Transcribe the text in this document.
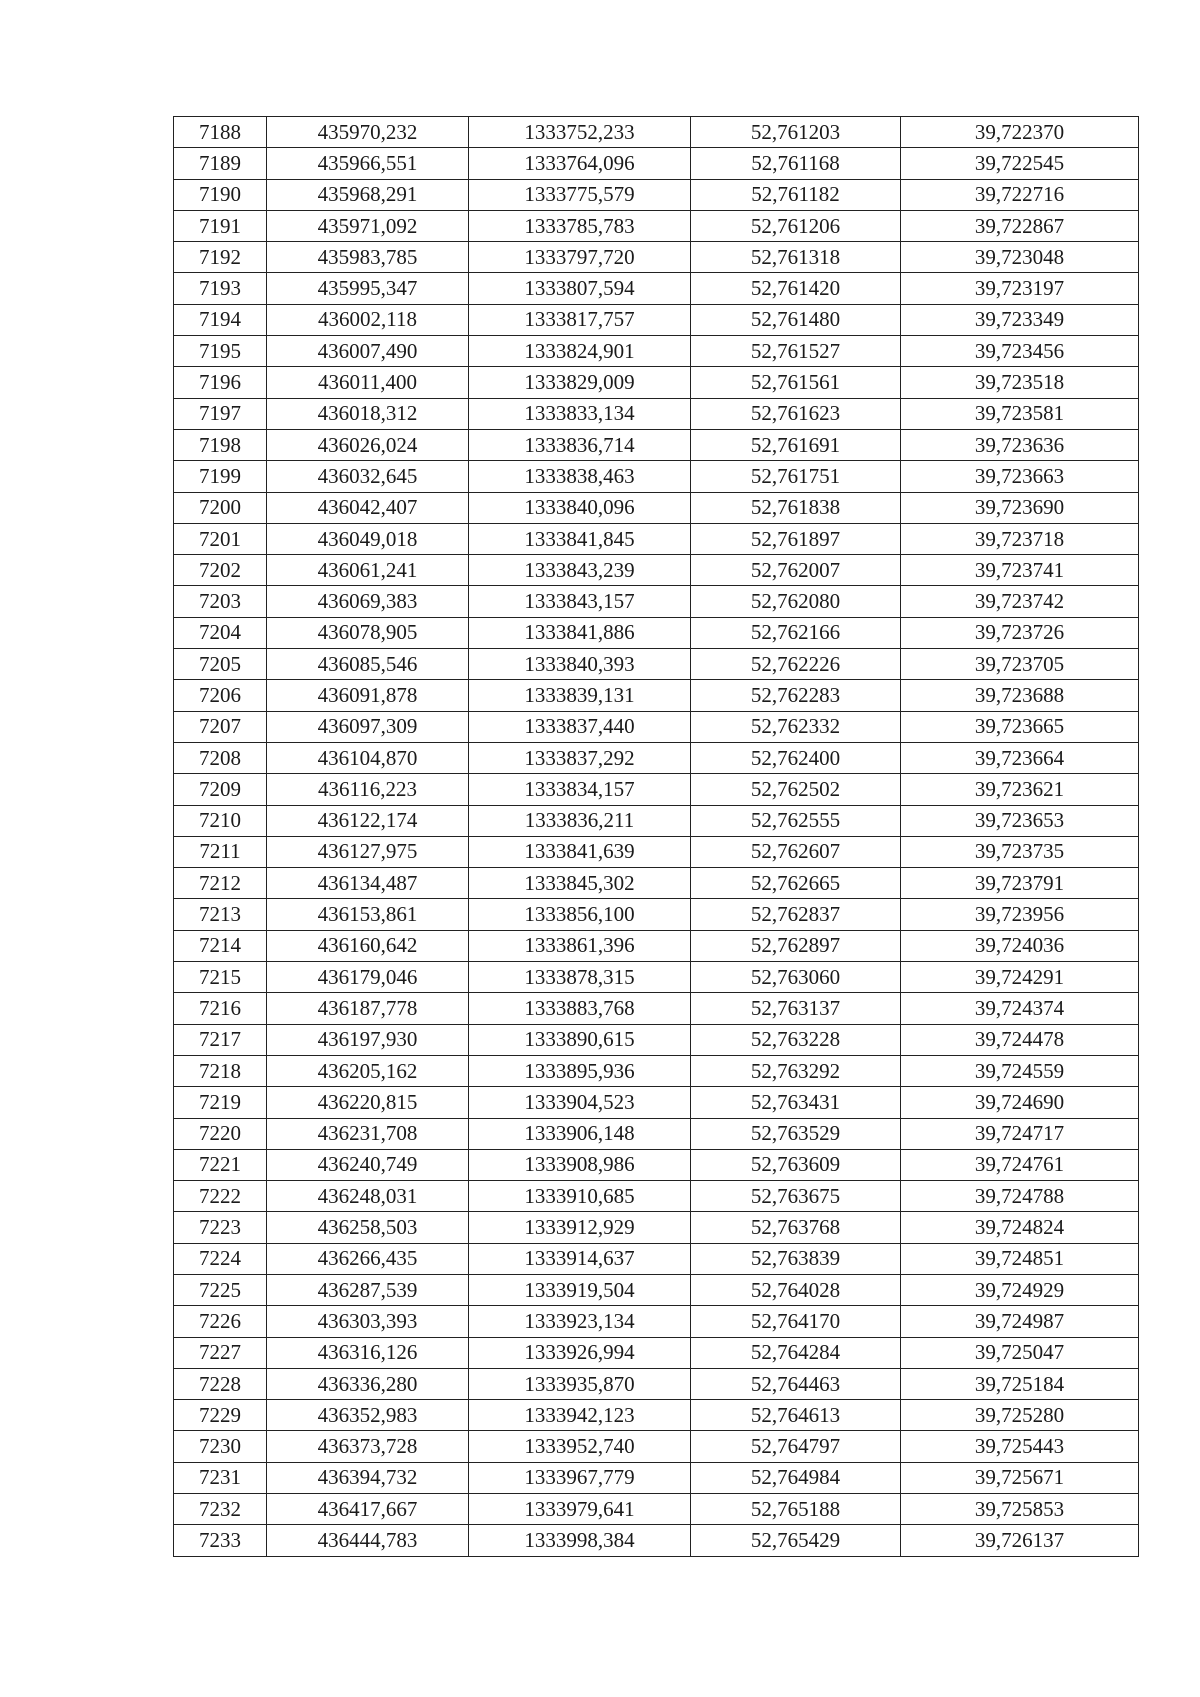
7188	435970,232	1333752,233	52,761203	39,722370
7189	435966,551	1333764,096	52,761168	39,722545
7190	435968,291	1333775,579	52,761182	39,722716
7191	435971,092	1333785,783	52,761206	39,722867
7192	435983,785	1333797,720	52,761318	39,723048
7193	435995,347	1333807,594	52,761420	39,723197
7194	436002,118	1333817,757	52,761480	39,723349
7195	436007,490	1333824,901	52,761527	39,723456
7196	436011,400	1333829,009	52,761561	39,723518
7197	436018,312	1333833,134	52,761623	39,723581
7198	436026,024	1333836,714	52,761691	39,723636
7199	436032,645	1333838,463	52,761751	39,723663
7200	436042,407	1333840,096	52,761838	39,723690
7201	436049,018	1333841,845	52,761897	39,723718
7202	436061,241	1333843,239	52,762007	39,723741
7203	436069,383	1333843,157	52,762080	39,723742
7204	436078,905	1333841,886	52,762166	39,723726
7205	436085,546	1333840,393	52,762226	39,723705
7206	436091,878	1333839,131	52,762283	39,723688
7207	436097,309	1333837,440	52,762332	39,723665
7208	436104,870	1333837,292	52,762400	39,723664
7209	436116,223	1333834,157	52,762502	39,723621
7210	436122,174	1333836,211	52,762555	39,723653
7211	436127,975	1333841,639	52,762607	39,723735
7212	436134,487	1333845,302	52,762665	39,723791
7213	436153,861	1333856,100	52,762837	39,723956
7214	436160,642	1333861,396	52,762897	39,724036
7215	436179,046	1333878,315	52,763060	39,724291
7216	436187,778	1333883,768	52,763137	39,724374
7217	436197,930	1333890,615	52,763228	39,724478
7218	436205,162	1333895,936	52,763292	39,724559
7219	436220,815	1333904,523	52,763431	39,724690
7220	436231,708	1333906,148	52,763529	39,724717
7221	436240,749	1333908,986	52,763609	39,724761
7222	436248,031	1333910,685	52,763675	39,724788
7223	436258,503	1333912,929	52,763768	39,724824
7224	436266,435	1333914,637	52,763839	39,724851
7225	436287,539	1333919,504	52,764028	39,724929
7226	436303,393	1333923,134	52,764170	39,724987
7227	436316,126	1333926,994	52,764284	39,725047
7228	436336,280	1333935,870	52,764463	39,725184
7229	436352,983	1333942,123	52,764613	39,725280
7230	436373,728	1333952,740	52,764797	39,725443
7231	436394,732	1333967,779	52,764984	39,725671
7232	436417,667	1333979,641	52,765188	39,725853
7233	436444,783	1333998,384	52,765429	39,726137
